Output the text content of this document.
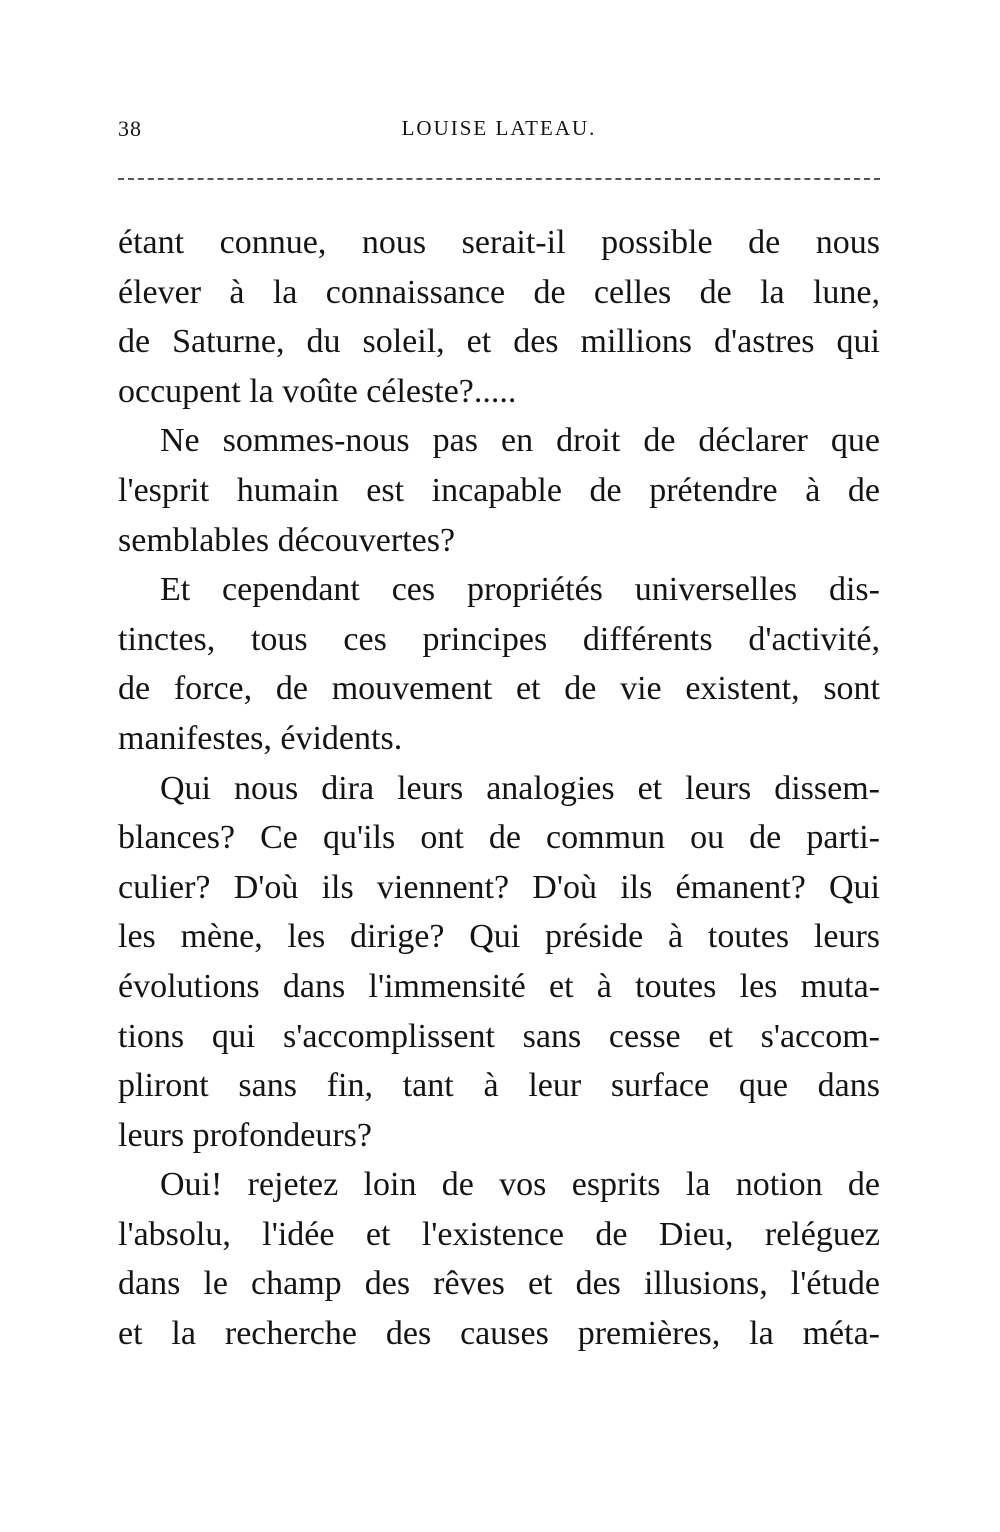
38	LOUISE LATEAU.
étant connue, nous serait-il possible de nous
élever à la connaissance de celles de la lune,
de Saturne, du soleil, et des millions d'astres qui
occupent la voûte céleste?.....
Ne sommes-nous pas en droit de déclarer que
l'esprit humain est incapable de prétendre à de
semblables découvertes?
Et cependant ces propriétés universelles dis-
tinctes, tous ces principes différents d'activité,
de force, de mouvement et de vie existent, sont
manifestes, évidents.
Qui nous dira leurs analogies et leurs dissem-
blances? Ce qu'ils ont de commun ou de parti-
culier? D'où ils viennent? D'où ils émanent? Qui
les mène, les dirige? Qui préside à toutes leurs
évolutions dans l'immensité et à toutes les muta-
tions qui s'accomplissent sans cesse et s'accom-
pliront sans fin, tant à leur surface que dans
leurs profondeurs?
Oui! rejetez loin de vos esprits la notion de
l'absolu, l'idée et l'existence de Dieu, reléguez
dans le champ des rêves et des illusions, l'étude
et la recherche des causes premières, la méta-
